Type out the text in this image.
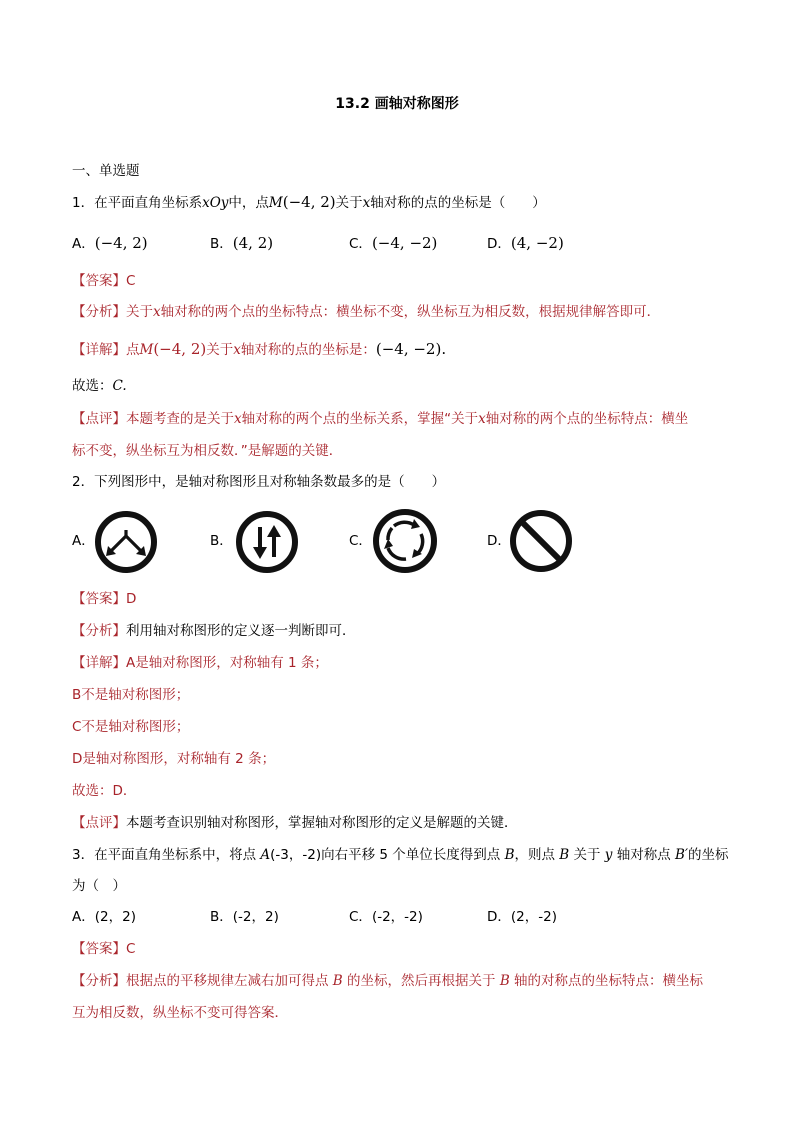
13.2 画轴对称图形
一、单选题
1．在平面直角坐标系xOy中，点M(−4, 2)关于x轴对称的点的坐标是（　　）
A．(−4, 2)	B．(4, 2)	C．(−4, −2)	D．(4, −2)
【答案】C
【分析】关于x轴对称的两个点的坐标特点：横坐标不变，纵坐标互为相反数，根据规律解答即可．
【详解】点M(−4, 2)关于x轴对称的点的坐标是：(−4, −2).
故选：C.
【点评】本题考查的是关于x轴对称的两个点的坐标关系，掌握“关于x轴对称的两个点的坐标特点：横坐
标不变，纵坐标互为相反数．”是解题的关键．
2．下列图形中，是轴对称图形且对称轴条数最多的是（　　）
A．	B．	C．	D．
【答案】D
【分析】利用轴对称图形的定义逐一判断即可．
【详解】A是轴对称图形，对称轴有 1 条；
B不是轴对称图形；
C不是轴对称图形；
D是轴对称图形，对称轴有 2 条；
故选：D．
【点评】本题考查识别轴对称图形，掌握轴对称图形的定义是解题的关键．
3．在平面直角坐标系中，将点 A(-3，-2)向右平移 5 个单位长度得到点 B，则点 B 关于 y 轴对称点 B′的坐标
为（　）
A．(2，2)	B．(-2，2)	C．(-2，-2)	D．(2，-2)
【答案】C
【分析】根据点的平移规律左减右加可得点 B 的坐标，然后再根据关于 B 轴的对称点的坐标特点：横坐标
互为相反数，纵坐标不变可得答案．
